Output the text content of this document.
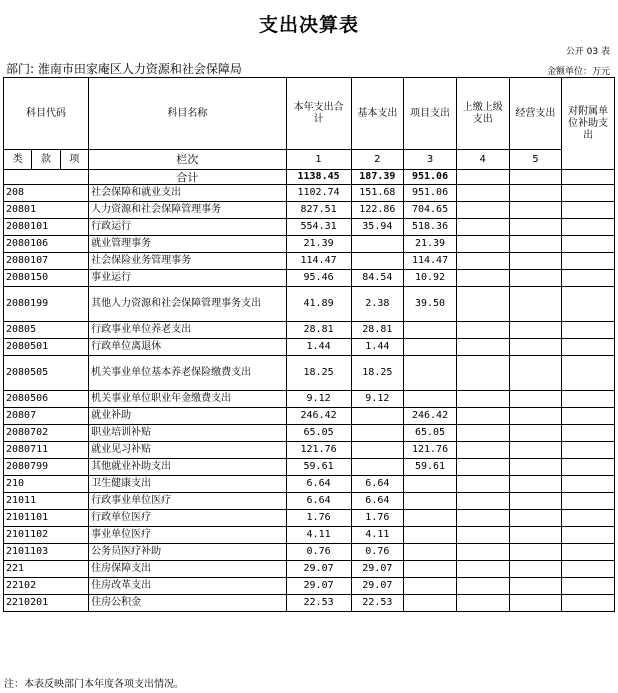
支出决算表
公开 03 表
部门: 淮南市田家庵区人力资源和社会保障局	金额单位：万元
科目代码			科目名称	本年支出合计	基本支出	项目支出	上缴上级支出	经营支出	对附属单位补助支出

类	款	项	栏次	1	2	3	4	5	
			合计	1138.45	187.39	951.06			
208			社会保障和就业支出	1102.74	151.68	951.06			
20801			人力资源和社会保障管理事务	827.51	122.86	704.65			
2080101			行政运行	554.31	35.94	518.36			
2080106			就业管理事务	21.39		21.39			
2080107			社会保险业务管理事务	114.47		114.47			
2080150			事业运行	95.46	84.54	10.92			
2080199			其他人力资源和社会保障管理事务支出	41.89	2.38	39.50			
20805			行政事业单位养老支出	28.81	28.81				
2080501			行政单位离退休	1.44	1.44				
2080505			机关事业单位基本养老保险缴费支出	18.25	18.25				
2080506			机关事业单位职业年金缴费支出	9.12	9.12				
20807			就业补助	246.42		246.42			
2080702			职业培训补贴	65.05		65.05			
2080711			就业见习补贴	121.76		121.76			
2080799			其他就业补助支出	59.61		59.61			
210			卫生健康支出	6.64	6.64				
21011			行政事业单位医疗	6.64	6.64				
2101101			行政单位医疗	1.76	1.76				
2101102			事业单位医疗	4.11	4.11				
2101103			公务员医疗补助	0.76	0.76				
221			住房保障支出	29.07	29.07				
22102			住房改革支出	29.07	29.07				
2210201			住房公积金	22.53	22.53				
注：本表反映部门本年度各项支出情况。
